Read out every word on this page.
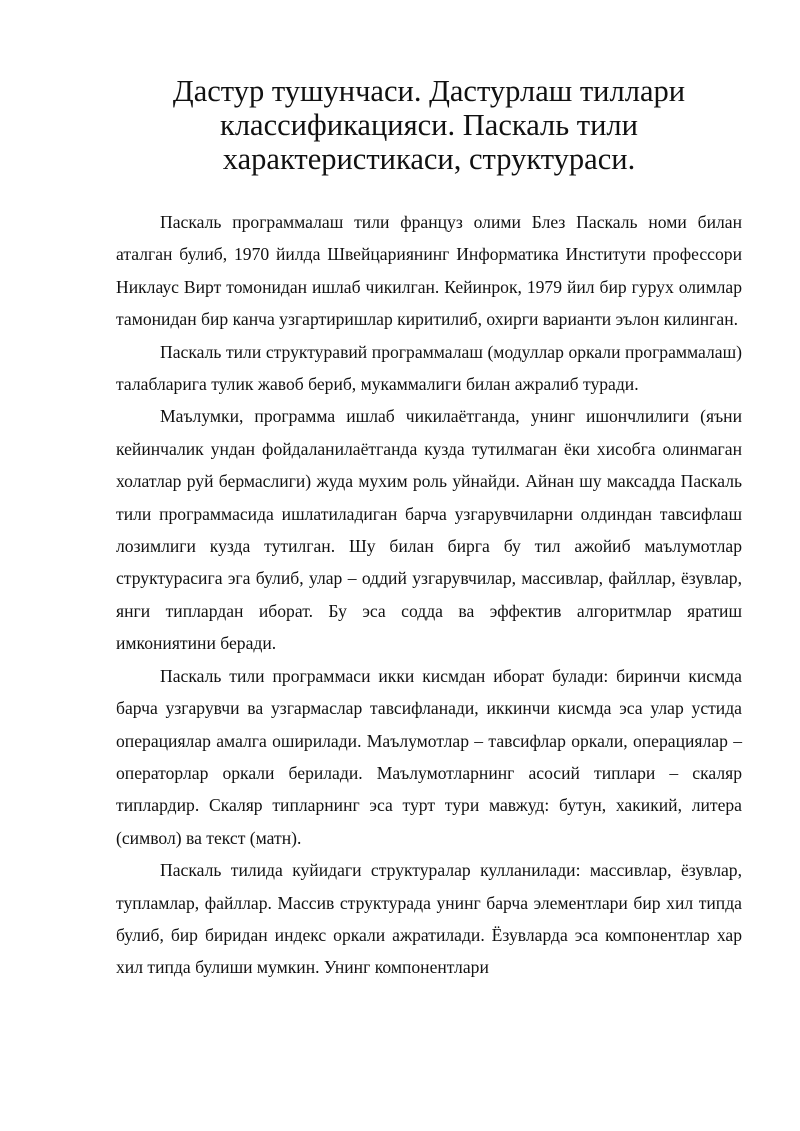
Дастур тушунчаси. Дастурлаш тиллари
классификацияси. Паскаль тили
характеристикаси, структураси.

Паскаль программалаш тили француз олими Блез Паскаль номи билан аталган булиб, 1970 йилда Швейцариянинг Информатика Институти профессори Никлаус Вирт томонидан ишлаб чикилган. Кейинрок, 1979 йил бир гурух олимлар тамонидан бир канча узгартиришлар киритилиб, охирги варианти эълон килинган.

Паскаль тили структуравий программалаш (модуллар оркали программалаш) талабларига тулик жавоб бериб, мукаммалиги билан ажралиб туради.

Маълумки, программа ишлаб чикилаётганда, унинг ишончлилиги (яъни кейинчалик ундан фойдаланилаётганда кузда тутилмаган ёки хисобга олинмаган холатлар руй бермаслиги) жуда мухим роль уйнайди. Айнан шу максадда Паскаль тили программасида ишлатиладиган барча узгарувчиларни олдиндан тавсифлаш лозимлиги кузда тутилган. Шу билан бирга бу тил ажойиб маълумотлар структурасига эга булиб, улар – оддий узгарувчилар, массивлар, файллар, ёзувлар, янги типлардан иборат. Бу эса содда ва эффектив алгоритмлар яратиш имкониятини беради.

Паскаль тили программаси икки кисмдан иборат булади: биринчи кисмда барча узгарувчи ва узгармаслар тавсифланади, иккинчи кисмда эса улар устида операциялар амалга оширилади. Маълумотлар – тавсифлар оркали, операциялар – операторлар оркали берилади. Маълумотларнинг асосий типлари – скаляр типлардир. Скаляр типларнинг эса турт тури мавжуд: бутун, хакикий, литера (символ) ва текст (матн).

Паскаль тилида куйидаги структуралар кулланилади: массивлар, ёзувлар, тупламлар, файллар. Массив структурада унинг барча элементлари бир хил типда булиб, бир биридан индекс оркали ажратилади. Ёзувларда эса компонентлар хар хил типда булиши мумкин. Унинг компонентлари
